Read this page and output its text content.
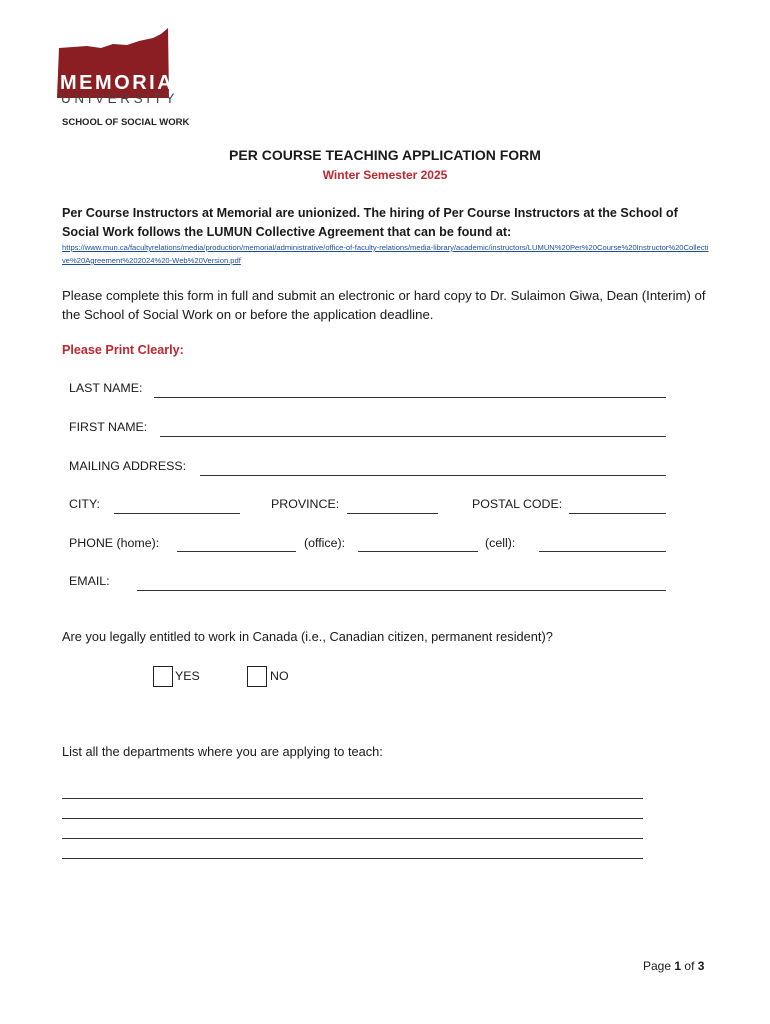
MEMORIAL
UNIVERSITY
SCHOOL OF SOCIAL WORK
PER COURSE TEACHING APPLICATION FORM
Winter Semester 2025
Per Course Instructors at Memorial are unionized. The hiring of Per Course Instructors at the School of Social Work follows the LUMUN Collective Agreement that can be found at:
https://www.mun.ca/facultyrelations/media/production/memorial/administrative/office-of-faculty-relations/media-library/academic/instructors/LUMUN%20Per%20Course%20Instructor%20Collective%20Agreement%202024%20-Web%20Version.pdf
Please complete this form in full and submit an electronic or hard copy to Dr. Sulaimon Giwa, Dean (Interim) of the School of Social Work on or before the application deadline.
Please Print Clearly:
LAST NAME:
FIRST NAME:
MAILING ADDRESS:
CITY:	PROVINCE:	POSTAL CODE:
PHONE (home):	(office):	(cell):
EMAIL:
Are you legally entitled to work in Canada (i.e., Canadian citizen, permanent resident)?
YES	NO
List all the departments where you are applying to teach:
Page 1 of 3
